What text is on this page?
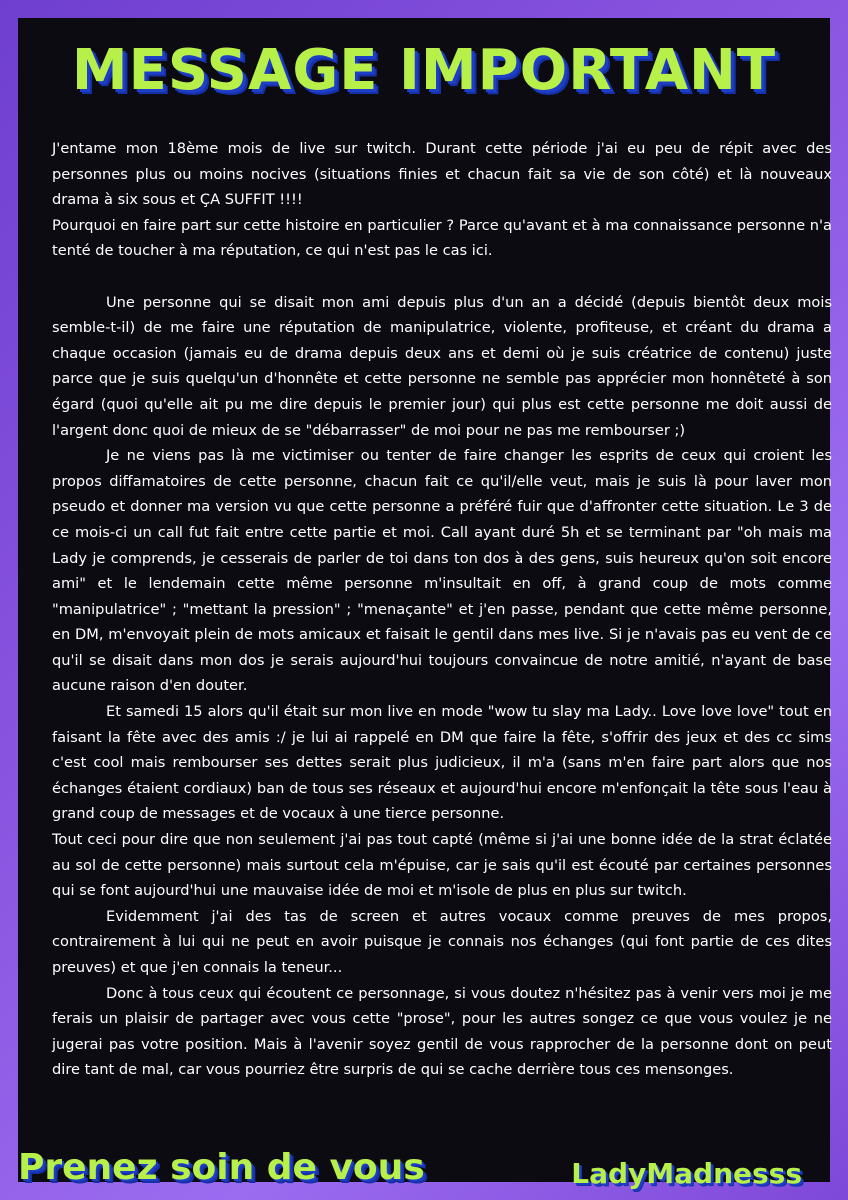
MESSAGE IMPORTANT

J'entame mon 18ème mois de live sur twitch. Durant cette période j'ai eu peu de répit avec des personnes plus ou moins nocives (situations finies et chacun fait sa vie de son côté) et là nouveaux drama à six sous et ÇA SUFFIT !!!!

Pourquoi en faire part sur cette histoire en particulier ? Parce qu'avant et à ma connaissance personne n'a tenté de toucher à ma réputation, ce qui n'est pas le cas ici.

Une personne qui se disait mon ami depuis plus d'un an a décidé (depuis bientôt deux mois semble-t-il) de me faire une réputation de manipulatrice, violente, profiteuse, et créant du drama a chaque occasion (jamais eu de drama depuis deux ans et demi où je suis créatrice de contenu) juste parce que je suis quelqu'un d'honnête et cette personne ne semble pas apprécier mon honnêteté à son égard (quoi qu'elle ait pu me dire depuis le premier jour) qui plus est cette personne me doit aussi de l'argent donc quoi de mieux de se "débarrasser" de moi pour ne pas me rembourser ;)

Je ne viens pas là me victimiser ou tenter de faire changer les esprits de ceux qui croient les propos diffamatoires de cette personne, chacun fait ce qu'il/elle veut, mais je suis là pour laver mon pseudo et donner ma version vu que cette personne a préféré fuir que d'affronter cette situation. Le 3 de ce mois-ci un call fut fait entre cette partie et moi. Call ayant duré 5h et se terminant par "oh mais ma Lady je comprends, je cesserais de parler de toi dans ton dos à des gens, suis heureux qu'on soit encore ami" et le lendemain cette même personne m'insultait en off, à grand coup de mots comme "manipulatrice" ; "mettant la pression" ; "menaçante" et j'en passe, pendant que cette même personne, en DM, m'envoyait plein de mots amicaux et faisait le gentil dans mes live. Si je n'avais pas eu vent de ce qu'il se disait dans mon dos je serais aujourd'hui toujours convaincue de notre amitié, n'ayant de base aucune raison d'en douter.

Et samedi 15 alors qu'il était sur mon live en mode "wow tu slay ma Lady.. Love love love" tout en faisant la fête avec des amis :/ je lui ai rappelé en DM que faire la fête, s'offrir des jeux et des cc sims c'est cool mais rembourser ses dettes serait plus judicieux, il m'a (sans m'en faire part alors que nos échanges étaient cordiaux) ban de tous ses réseaux et aujourd'hui encore m'enfonçait la tête sous l'eau à grand coup de messages et de vocaux à une tierce personne.

Tout ceci pour dire que non seulement j'ai pas tout capté (même si j'ai une bonne idée de la strat éclatée au sol de cette personne) mais surtout cela m'épuise, car je sais qu'il est écouté par certaines personnes qui se font aujourd'hui une mauvaise idée de moi et m'isole de plus en plus sur twitch.

Evidemment j'ai des tas de screen et autres vocaux comme preuves de mes propos, contrairement à lui qui ne peut en avoir puisque je connais nos échanges (qui font partie de ces dites preuves) et que j'en connais la teneur...

Donc à tous ceux qui écoutent ce personnage, si vous doutez n'hésitez pas à venir vers moi je me ferais un plaisir de partager avec vous cette "prose", pour les autres songez ce que vous voulez je ne jugerai pas votre position. Mais à l'avenir soyez gentil de vous rapprocher de la personne dont on peut dire tant de mal, car vous pourriez être surpris de qui se cache derrière tous ces mensonges.

LadyMadnesss
Prenez soin de vous
